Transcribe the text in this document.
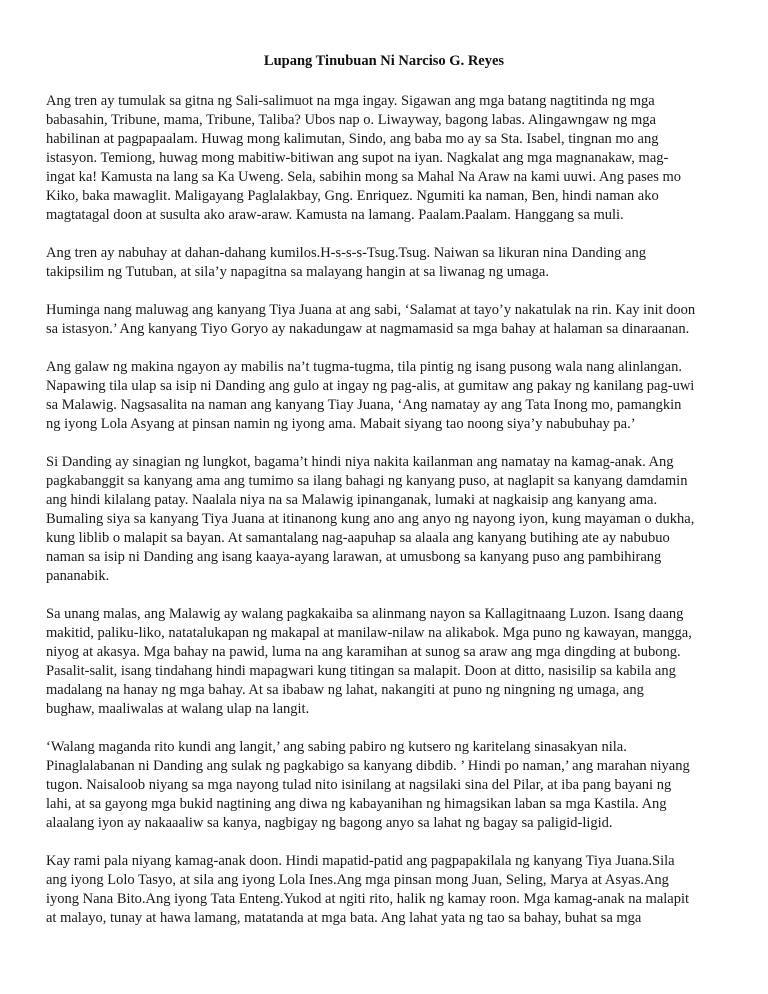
Lupang Tinubuan Ni Narciso G. Reyes

Ang tren ay tumulak sa gitna ng Sali-salimuot na mga ingay. Sigawan ang mga batang nagtitinda ng mga
babasahin, Tribune, mama, Tribune, Taliba? Ubos nap o. Liwayway, bagong labas. Alingawngaw ng mga
habilinan at pagpapaalam. Huwag mong kalimutan, Sindo, ang baba mo ay sa Sta. Isabel, tingnan mo ang
istasyon. Temiong, huwag mong mabitiw-bitiwan ang supot na iyan. Nagkalat ang mga magnanakaw, mag-
ingat ka! Kamusta na lang sa Ka Uweng. Sela, sabihin mong sa Mahal Na Araw na kami uuwi. Ang pases mo
Kiko, baka mawaglit. Maligayang Paglalakbay, Gng. Enriquez. Ngumiti ka naman, Ben, hindi naman ako
magtatagal doon at susulta ako araw-araw. Kamusta na lamang. Paalam.Paalam. Hanggang sa muli.

Ang tren ay nabuhay at dahan-dahang kumilos.H-s-s-s-Tsug.Tsug. Naiwan sa likuran nina Danding ang
takipsilim ng Tutuban, at sila’y napagitna sa malayang hangin at sa liwanag ng umaga.

Huminga nang maluwag ang kanyang Tiya Juana at ang sabi, ‘Salamat at tayo’y nakatulak na rin. Kay init doon
sa istasyon.’ Ang kanyang Tiyo Goryo ay nakadungaw at nagmamasid sa mga bahay at halaman sa dinaraanan.

Ang galaw ng makina ngayon ay mabilis na’t tugma-tugma, tila pintig ng isang pusong wala nang alinlangan.
Napawing tila ulap sa isip ni Danding ang gulo at ingay ng pag-alis, at gumitaw ang pakay ng kanilang pag-uwi
sa Malawig. Nagsasalita na naman ang kanyang Tiay Juana, ‘Ang namatay ay ang Tata Inong mo, pamangkin
ng iyong Lola Asyang at pinsan namin ng iyong ama. Mabait siyang tao noong siya’y nabubuhay pa.’

Si Danding ay sinagian ng lungkot, bagama’t hindi niya nakita kailanman ang namatay na kamag-anak. Ang
pagkabanggit sa kanyang ama ang tumimo sa ilang bahagi ng kanyang puso, at naglapit sa kanyang damdamin
ang hindi kilalang patay. Naalala niya na sa Malawig ipinanganak, lumaki at nagkaisip ang kanyang ama.
Bumaling siya sa kanyang Tiya Juana at itinanong kung ano ang anyo ng nayong iyon, kung mayaman o dukha,
kung liblib o malapit sa bayan. At samantalang nag-aapuhap sa alaala ang kanyang butihing ate ay nabubuo
naman sa isip ni Danding ang isang kaaya-ayang larawan, at umusbong sa kanyang puso ang pambihirang
pananabik.

Sa unang malas, ang Malawig ay walang pagkakaiba sa alinmang nayon sa Kallagitnaang Luzon. Isang daang
makitid, paliku-liko, natatalukapan ng makapal at manilaw-nilaw na alikabok. Mga puno ng kawayan, mangga,
niyog at akasya. Mga bahay na pawid, luma na ang karamihan at sunog sa araw ang mga dingding at bubong.
Pasalit-salit, isang tindahang hindi mapagwari kung titingan sa malapit. Doon at ditto, nasisilip sa kabila ang
madalang na hanay ng mga bahay. At sa ibabaw ng lahat, nakangiti at puno ng ningning ng umaga, ang
bughaw, maaliwalas at walang ulap na langit.

‘Walang maganda rito kundi ang langit,’ ang sabing pabiro ng kutsero ng karitelang sinasakyan nila.
Pinaglalabanan ni Danding ang sulak ng pagkabigo sa kanyang dibdib. ’ Hindi po naman,’ ang marahan niyang
tugon. Naisaloob niyang sa mga nayong tulad nito isinilang at nagsilaki sina del Pilar, at iba pang bayani ng
lahi, at sa gayong mga bukid nagtining ang diwa ng kabayanihan ng himagsikan laban sa mga Kastila. Ang
alaalang iyon ay nakaaaliw sa kanya, nagbigay ng bagong anyo sa lahat ng bagay sa paligid-ligid.

Kay rami pala niyang kamag-anak doon. Hindi mapatid-patid ang pagpapakilala ng kanyang Tiya Juana.Sila
ang iyong Lolo Tasyo, at sila ang iyong Lola Ines.Ang mga pinsan mong Juan, Seling, Marya at Asyas.Ang
iyong Nana Bito.Ang iyong Tata Enteng.Yukod at ngiti rito, halik ng kamay roon. Mga kamag-anak na malapit
at malayo, tunay at hawa lamang, matatanda at mga bata. Ang lahat yata ng tao sa bahay, buhat sa mga
